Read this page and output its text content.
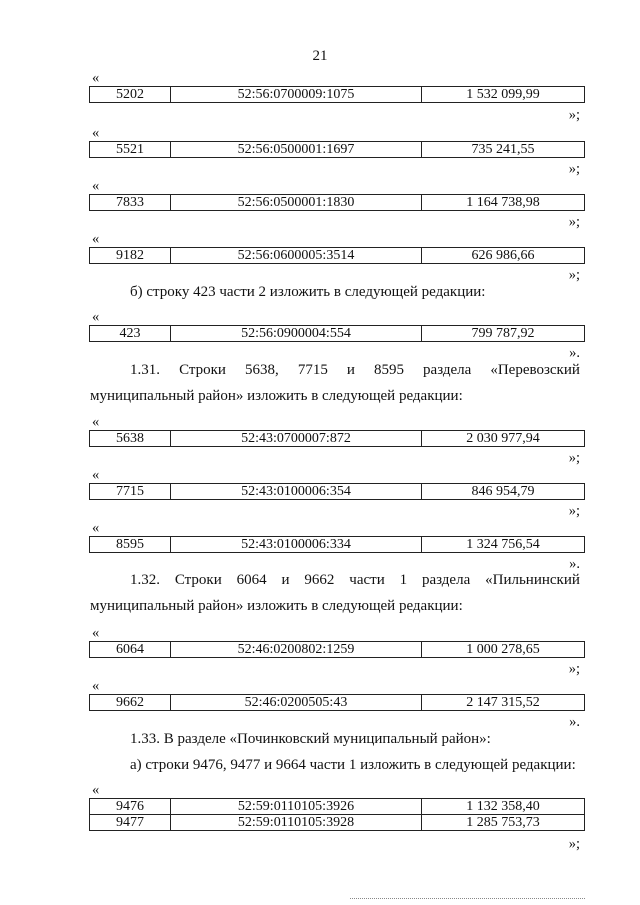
21
«
5202	52:56:0700009:1075	1 532 099,99
»;
«
5521	52:56:0500001:1697	735 241,55
»;
«
7833	52:56:0500001:1830	1 164 738,98
»;
«
9182	52:56:0600005:3514	626 986,66
»;
б) строку 423 части 2 изложить в следующей редакции:
«
423	52:56:0900004:554	799 787,92
».
1.31. Строки 5638, 7715 и 8595 раздела «Перевозский
муниципальный район» изложить в следующей редакции:
«
5638	52:43:0700007:872	2 030 977,94
»;
«
7715	52:43:0100006:354	846 954,79
»;
«
8595	52:43:0100006:334	1 324 756,54
».
1.32. Строки 6064 и 9662 части 1 раздела «Пильнинский
муниципальный район» изложить в следующей редакции:
«
6064	52:46:0200802:1259	1 000 278,65
»;
«
9662	52:46:0200505:43	2 147 315,52
».
1.33. В разделе «Починковский муниципальный район»:
а) строки 9476, 9477 и 9664 части 1 изложить в следующей редакции:
«
9476	52:59:0110105:3926	1 132 358,40
9477	52:59:0110105:3928	1 285 753,73
»;
